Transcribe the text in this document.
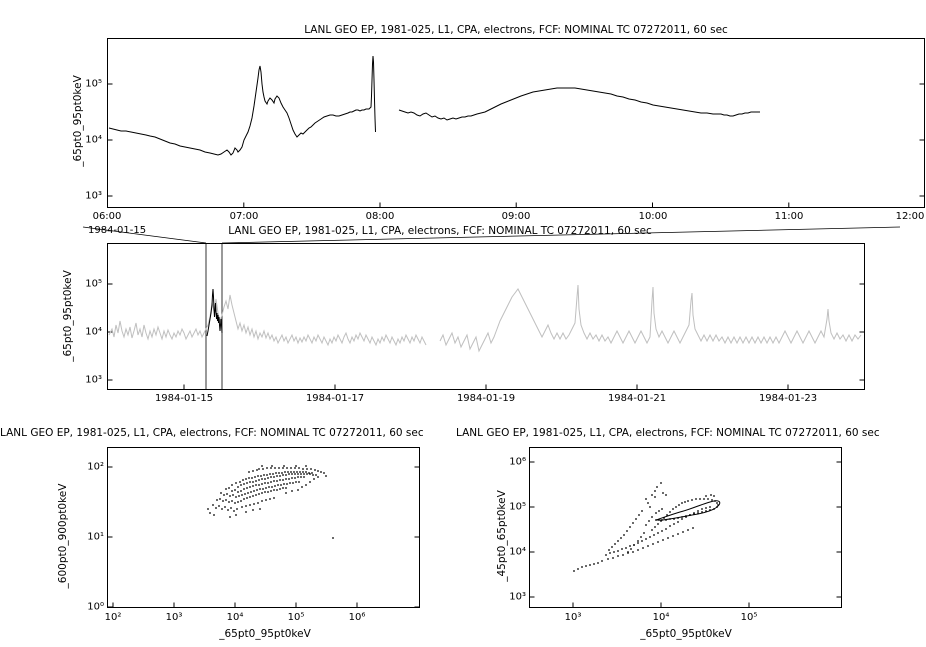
LANL GEO EP, 1981-025, L1, CPA, electrons, FCF: NOMINAL TC 07272011, 60 sec
_65pt0_95pt0keV
10³
10⁴
10⁵
06:00	07:00	08:00	09:00	10:00	11:00	12:00
1984-01-15	LANL GEO EP, 1981-025, L1, CPA, electrons, FCF: NOMINAL TC 07272011, 60 sec
_65pt0_95pt0keV
10³
10⁴
10⁵
1984-01-15	1984-01-17	1984-01-19	1984-01-21	1984-01-23
LANL GEO EP, 1981-025, L1, CPA, electrons, FCF: NOMINAL TC 07272011, 60 sec
_600pt0_900pt0keV
10⁰
10¹
10²
10²	10³	10⁴	10⁵	10⁶
_65pt0_95pt0keV
LANL GEO EP, 1981-025, L1, CPA, electrons, FCF: NOMINAL TC 07272011, 60 sec
_45pt0_65pt0keV
10³
10⁴
10⁵
10⁶
10³	10⁴	10⁵
_65pt0_95pt0keV
